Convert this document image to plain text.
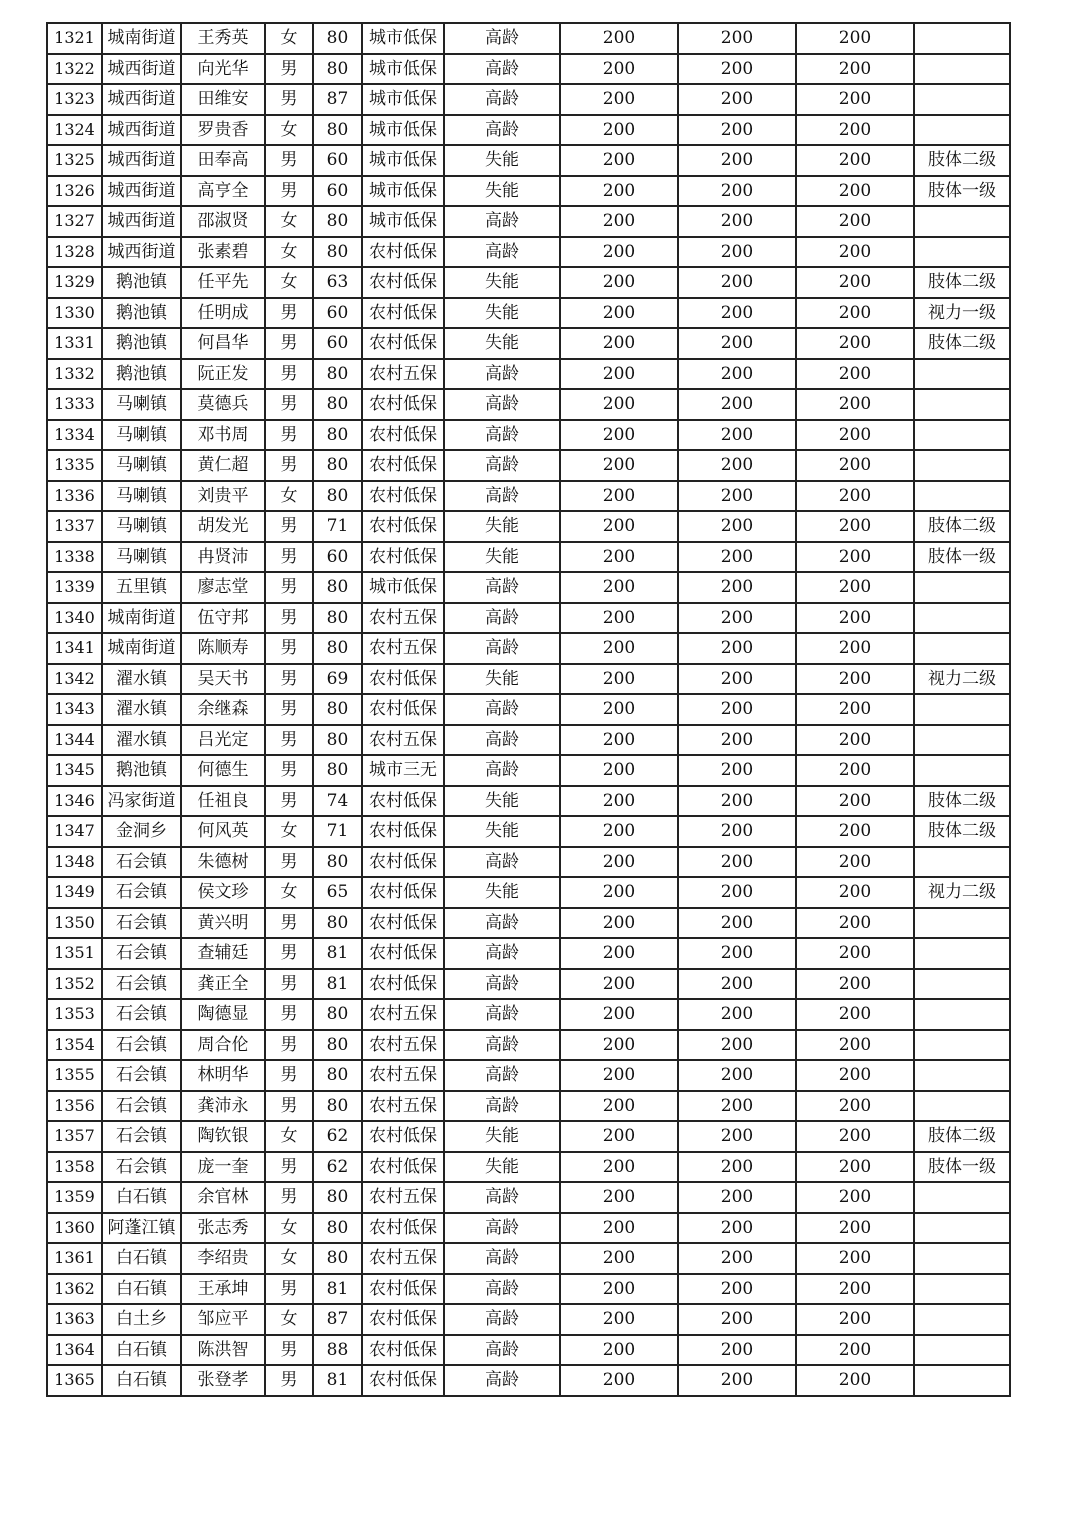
1321	城南街道	王秀英	女	80	城市低保	高龄	200	200	200	
1322	城西街道	向光华	男	80	城市低保	高龄	200	200	200	
1323	城西街道	田维安	男	87	城市低保	高龄	200	200	200	
1324	城西街道	罗贵香	女	80	城市低保	高龄	200	200	200	
1325	城西街道	田奉高	男	60	城市低保	失能	200	200	200	肢体二级
1326	城西街道	高亨全	男	60	城市低保	失能	200	200	200	肢体一级
1327	城西街道	邵淑贤	女	80	城市低保	高龄	200	200	200	
1328	城西街道	张素碧	女	80	农村低保	高龄	200	200	200	
1329	鹅池镇	任平先	女	63	农村低保	失能	200	200	200	肢体二级
1330	鹅池镇	任明成	男	60	农村低保	失能	200	200	200	视力一级
1331	鹅池镇	何昌华	男	60	农村低保	失能	200	200	200	肢体二级
1332	鹅池镇	阮正发	男	80	农村五保	高龄	200	200	200	
1333	马喇镇	莫德兵	男	80	农村低保	高龄	200	200	200	
1334	马喇镇	邓书周	男	80	农村低保	高龄	200	200	200	
1335	马喇镇	黄仁超	男	80	农村低保	高龄	200	200	200	
1336	马喇镇	刘贵平	女	80	农村低保	高龄	200	200	200	
1337	马喇镇	胡发光	男	71	农村低保	失能	200	200	200	肢体二级
1338	马喇镇	冉贤沛	男	60	农村低保	失能	200	200	200	肢体一级
1339	五里镇	廖志堂	男	80	城市低保	高龄	200	200	200	
1340	城南街道	伍守邦	男	80	农村五保	高龄	200	200	200	
1341	城南街道	陈顺寿	男	80	农村五保	高龄	200	200	200	
1342	濯水镇	吴天书	男	69	农村低保	失能	200	200	200	视力二级
1343	濯水镇	余继森	男	80	农村低保	高龄	200	200	200	
1344	濯水镇	吕光定	男	80	农村五保	高龄	200	200	200	
1345	鹅池镇	何德生	男	80	城市三无	高龄	200	200	200	
1346	冯家街道	任祖良	男	74	农村低保	失能	200	200	200	肢体二级
1347	金洞乡	何风英	女	71	农村低保	失能	200	200	200	肢体二级
1348	石会镇	朱德树	男	80	农村低保	高龄	200	200	200	
1349	石会镇	侯文珍	女	65	农村低保	失能	200	200	200	视力二级
1350	石会镇	黄兴明	男	80	农村低保	高龄	200	200	200	
1351	石会镇	查辅廷	男	81	农村低保	高龄	200	200	200	
1352	石会镇	龚正全	男	81	农村低保	高龄	200	200	200	
1353	石会镇	陶德显	男	80	农村五保	高龄	200	200	200	
1354	石会镇	周合伦	男	80	农村五保	高龄	200	200	200	
1355	石会镇	林明华	男	80	农村五保	高龄	200	200	200	
1356	石会镇	龚沛永	男	80	农村五保	高龄	200	200	200	
1357	石会镇	陶钦银	女	62	农村低保	失能	200	200	200	肢体二级
1358	石会镇	庞一奎	男	62	农村低保	失能	200	200	200	肢体一级
1359	白石镇	余官林	男	80	农村五保	高龄	200	200	200	
1360	阿蓬江镇	张志秀	女	80	农村低保	高龄	200	200	200	
1361	白石镇	李绍贵	女	80	农村五保	高龄	200	200	200	
1362	白石镇	王承坤	男	81	农村低保	高龄	200	200	200	
1363	白土乡	邹应平	女	87	农村低保	高龄	200	200	200	
1364	白石镇	陈洪智	男	88	农村低保	高龄	200	200	200	
1365	白石镇	张登孝	男	81	农村低保	高龄	200	200	200	
